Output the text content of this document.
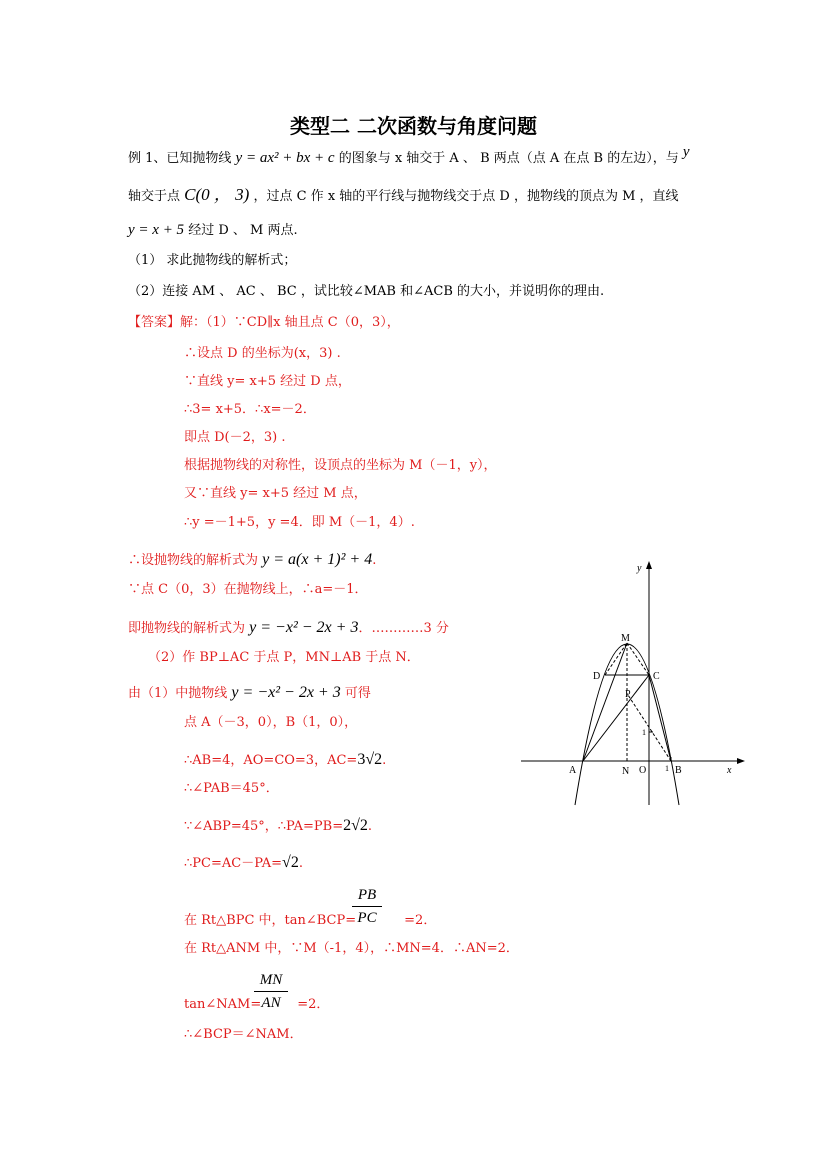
类型二 二次函数与角度问题
例 1、已知抛物线 y = ax² + bx + c 的图象与 x 轴交于 A 、 B 两点（点 A 在点 B 的左边），与 y
轴交于点 C(0 ， 3) ，过点 C 作 x 轴的平行线与抛物线交于点 D ，抛物线的顶点为 M ，直线
y = x + 5 经过 D 、 M 两点.
（1） 求此抛物线的解析式；
（2）连接 AM 、 AC 、 BC ，试比较∠MAB 和∠ACB 的大小，并说明你的理由.
【答案】解：（1）∵CD∥x 轴且点 C（0，3），
∴设点 D 的坐标为(x，3) .
∵直线 y= x+5 经过 D 点，
∴3= x+5．∴x=－2．
即点 D(－2，3) .
根据抛物线的对称性，设顶点的坐标为 M（－1，y），
又∵直线 y= x+5 经过 M 点，
∴y =－1+5，y =4．即 M（－1，4）.
∴设抛物线的解析式为 y = a(x + 1)² + 4.
∵点 C（0，3）在抛物线上，∴a=－1．
即抛物线的解析式为 y = −x² − 2x + 3．…………3 分
（2）作 BP⊥AC 于点 P，MN⊥AB 于点 N．
由（1）中抛物线 y = −x² − 2x + 3 可得
点 A（－3，0），B（1，0），
∴AB=4，AO=CO=3，AC=3√2.
∴∠PAB＝45°．
∵∠ABP=45°，∴PA=PB=2√2.
∴PC=AC－PA=√2.
在 Rt△BPC 中，tan∠BCP=	=2．
PB
PC
在 Rt△ANM 中，∵M（-1，4），∴MN=4．∴AN=2．
tan∠NAM=	=2．
MN
AN
∴∠BCP＝∠NAM．
y
x
M
D	C
P
A	N O	B
1
1
